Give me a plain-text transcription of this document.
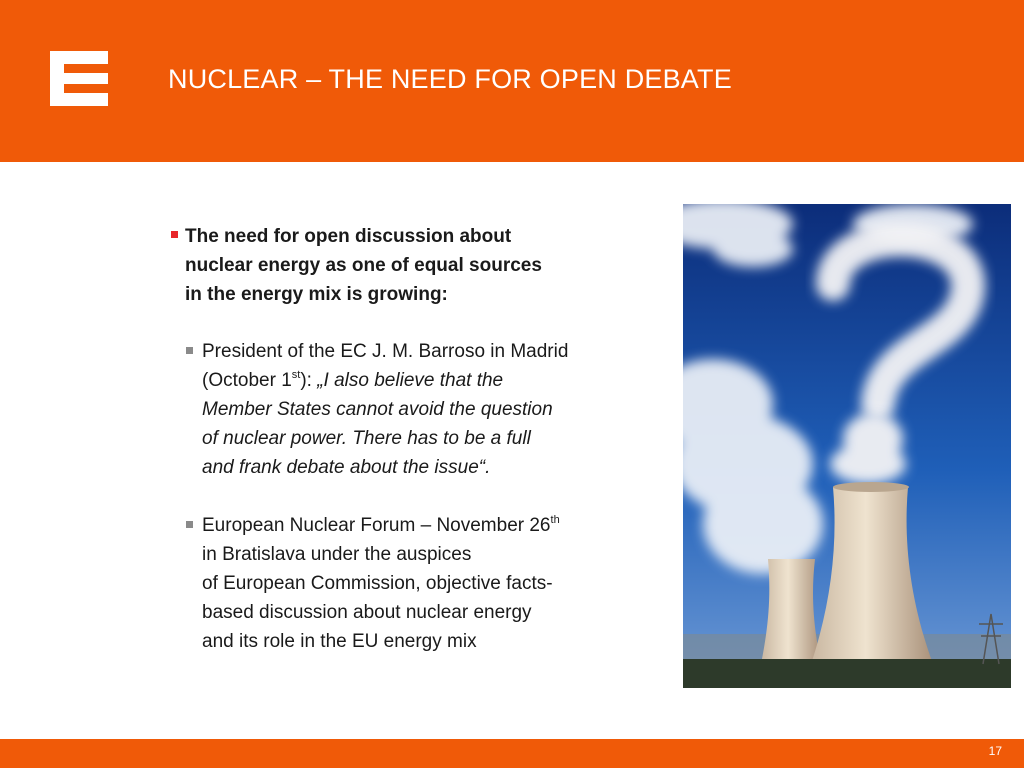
NUCLEAR – THE NEED FOR OPEN DEBATE
The need for open discussion about
nuclear energy as one of equal sources
in the energy mix is growing:
President of the EC J. M. Barroso in Madrid
(October 1st): „I also believe that the
Member States cannot avoid the question
of nuclear power. There has to be a full
and frank debate about the issue“.
European Nuclear Forum – November 26th
in Bratislava under the auspices
of European Commission, objective facts-
based discussion about nuclear energy
and its role in the EU energy mix
17
